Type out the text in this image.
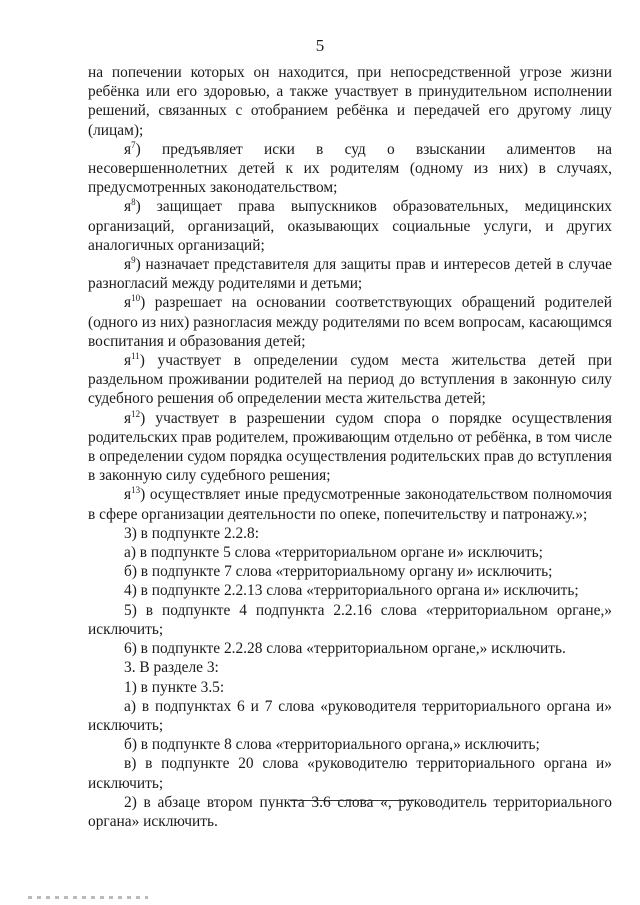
5

на попечении которых он находится, при непосредственной угрозе жизни ребёнка или его здоровью, а также участвует в принудительном исполнении решений, связанных с отобранием ребёнка и передачей его другому лицу (лицам);

$я^7$) предъявляет иски в суд о взыскании алиментов на несовершеннолетних детей к их родителям (одному из них) в случаях, предусмотренных законодательством;

$я^8$) защищает права выпускников образовательных, медицинских организаций, организаций, оказывающих социальные услуги, и других аналогичных организаций;

$я^9$) назначает представителя для защиты прав и интересов детей в случае разногласий между родителями и детьми;

$я^{10}$) разрешает на основании соответствующих обращений родителей (одного из них) разногласия между родителями по всем вопросам, касающимся воспитания и образования детей;

$я^{11}$) участвует в определении судом места жительства детей при раздельном проживании родителей на период до вступления в законную силу судебного решения об определении места жительства детей;

$я^{12}$) участвует в разрешении судом спора о порядке осуществления родительских прав родителем, проживающим отдельно от ребёнка, в том числе в определении судом порядка осуществления родительских прав до вступления в законную силу судебного решения;

$я^{13}$) осуществляет иные предусмотренные законодательством полномочия в сфере организации деятельности по опеке, попечительству и патронажу.»;

3) в подпункте 2.2.8:

а) в подпункте 5 слова «территориальном органе и» исключить;

б) в подпункте 7 слова «территориальному органу и» исключить;

4) в подпункте 2.2.13 слова «территориального органа и» исключить;

5) в подпункте 4 подпункта 2.2.16 слова «территориальном органе,» исключить;

6) в подпункте 2.2.28 слова «территориальном органе,» исключить.

3. В разделе 3:

1) в пункте 3.5:

а) в подпунктах 6 и 7 слова «руководителя территориального органа и» исключить;

б) в подпункте 8 слова «территориального органа,» исключить;

в) в подпункте 20 слова «руководителю территориального органа и» исключить;

2) в абзаце втором пункта 3.6 слова «, руководитель территориального органа» исключить.
